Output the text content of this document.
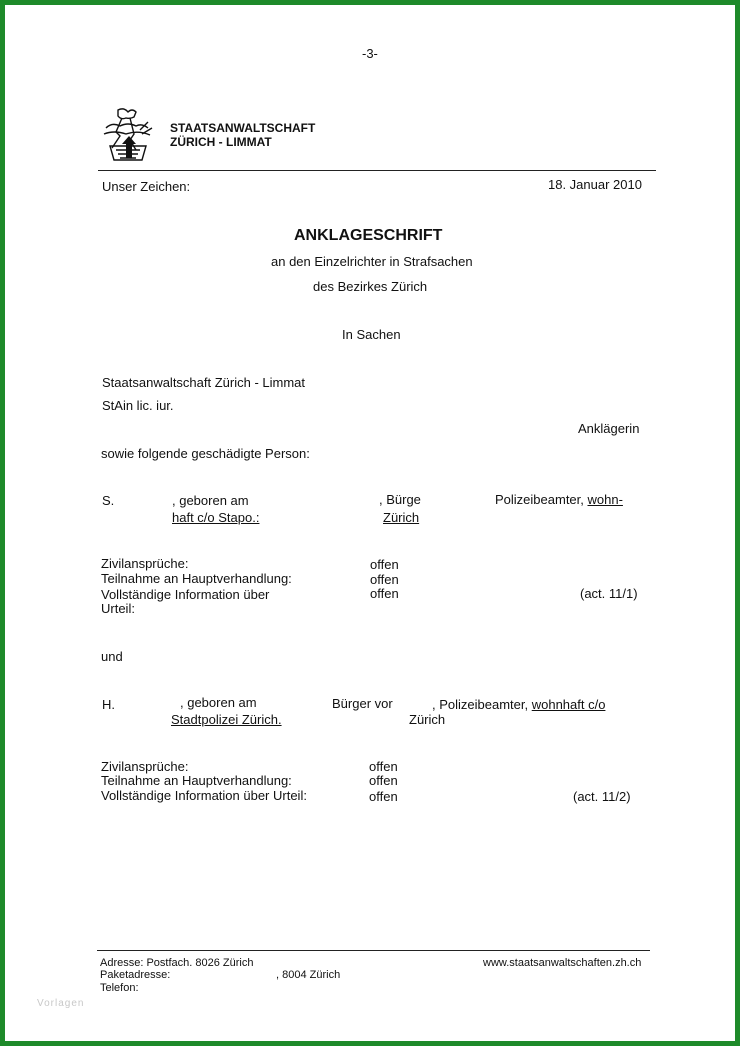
-3-
STAATSANWALTSCHAFT
ZÜRICH - LIMMAT
Unser Zeichen:	18. Januar 2010
ANKLAGESCHRIFT
an den Einzelrichter in Strafsachen
des Bezirkes Zürich
In Sachen
Staatsanwaltschaft Zürich - Limmat
StAin lic. iur.
Anklägerin
sowie folgende geschädigte Person:
S.	, geboren am	, Bürge	Polizeibeamter, wohn-
haft c/o Stapo.:	Zürich
Zivilansprüche:	offen
Teilnahme an Hauptverhandlung:	offen
Vollständige Information über	offen	(act. 11/1)
Urteil:
und
H.	, geboren am	Bürger vor	, Polizeibeamter, wohnhaft c/o
Stadtpolizei Zürich.	Zürich
Zivilansprüche:	offen
Teilnahme an Hauptverhandlung:	offen
Vollständige Information über Urteil:	offen	(act. 11/2)
Adresse: Postfach. 8026 Zürich	www.staatsanwaltschaften.zh.ch
Paketadresse:	, 8004 Zürich
Telefon:
Vorlagen
